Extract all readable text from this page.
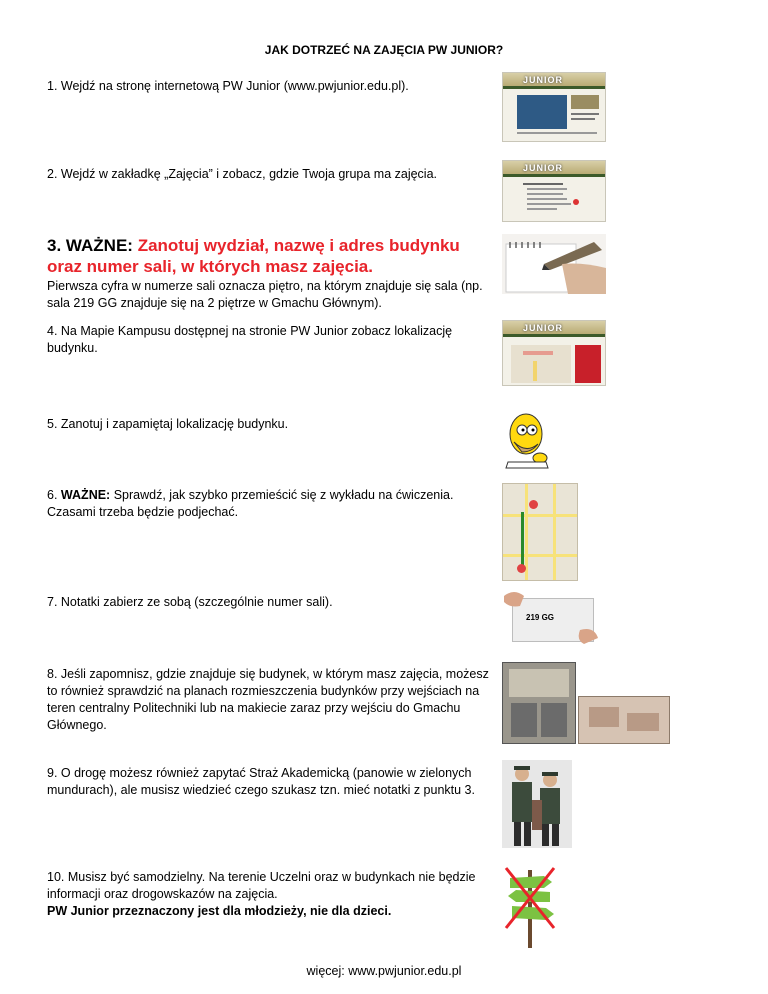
JAK DOTRZEĆ NA ZAJĘCIA PW JUNIOR?
1. Wejdź na stronę internetową PW Junior (www.pwjunior.edu.pl).	JUNIOR
2. Wejdź w zakładkę „Zajęcia” i zobacz, gdzie Twoja grupa ma zajęcia.	JUNIOR
3. WAŻNE: Zanotuj wydział, nazwę i adres budynku oraz numer sali, w których masz zajęcia.
Pierwsza cyfra w numerze sali oznacza piętro, na którym znajduje się sala (np. sala 219 GG znajduje się na 2 piętrze w Gmachu Głównym).
4. Na Mapie Kampusu dostępnej na stronie PW Junior zobacz lokalizację budynku.
JUNIOR
5. Zanotuj i zapamiętaj lokalizację budynku.
6. WAŻNE: Sprawdź, jak szybko przemieścić się z wykładu na ćwiczenia. Czasami trzeba będzie podjechać.
7. Notatki zabierz ze sobą (szczególnie numer sali).
219 GG
8. Jeśli zapomnisz, gdzie znajduje się budynek, w którym masz zajęcia, możesz to również sprawdzić na planach rozmieszczenia budynków przy wejściach na teren centralny Politechniki lub na makiecie zaraz przy wejściu do Gmachu Głównego.
9. O drogę możesz również zapytać Straż Akademicką (panowie w zielonych mundurach), ale musisz wiedzieć czego szukasz tzn. mieć notatki z punktu 3.
10. Musisz być samodzielny. Na terenie Uczelni oraz w budynkach nie będzie informacji oraz drogowskazów na zajęcia.
PW Junior przeznaczony jest dla młodzieży, nie dla dzieci.
więcej: www.pwjunior.edu.pl
